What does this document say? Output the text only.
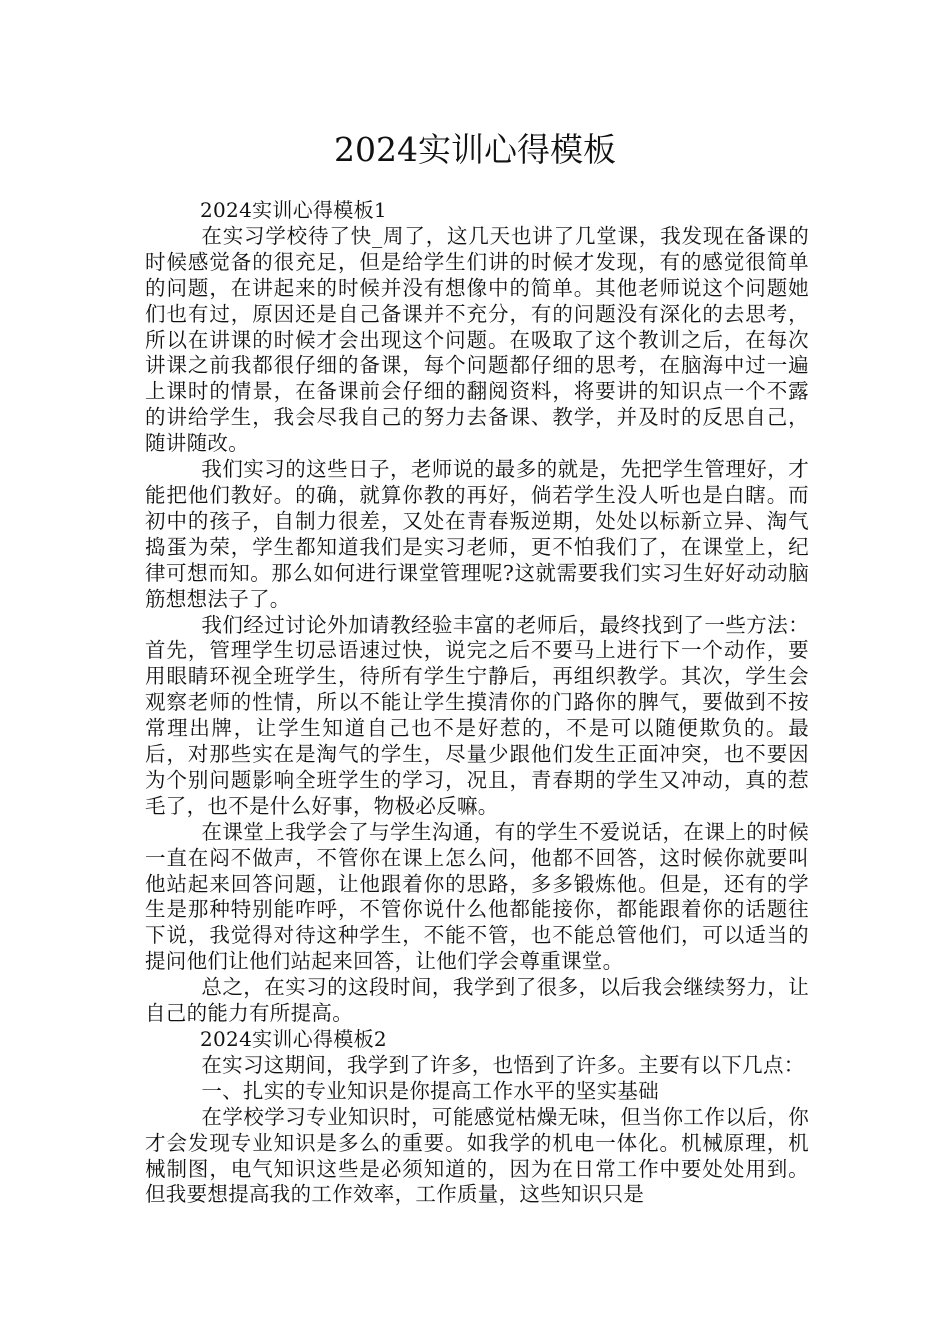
2024实训心得模板

2024实训心得模板1

在实习学校待了快_周了，这几天也讲了几堂课，我发现在备课的时候感觉备的很充足，但是给学生们讲的时候才发现，有的感觉很简单的问题，在讲起来的时候并没有想像中的简单。其他老师说这个问题她们也有过，原因还是自己备课并不充分，有的问题没有深化的去思考，所以在讲课的时候才会出现这个问题。在吸取了这个教训之后，在每次讲课之前我都很仔细的备课，每个问题都仔细的思考，在脑海中过一遍上课时的情景，在备课前会仔细的翻阅资料，将要讲的知识点一个不露的讲给学生，我会尽我自己的努力去备课、教学，并及时的反思自己，随讲随改。

我们实习的这些日子，老师说的最多的就是，先把学生管理好，才能把他们教好。的确，就算你教的再好，倘若学生没人听也是白瞎。而初中的孩子，自制力很差，又处在青春叛逆期，处处以标新立异、淘气捣蛋为荣，学生都知道我们是实习老师，更不怕我们了，在课堂上，纪律可想而知。那么如何进行课堂管理呢?这就需要我们实习生好好动动脑筋想想法子了。

我们经过讨论外加请教经验丰富的老师后，最终找到了一些方法：首先，管理学生切忌语速过快，说完之后不要马上进行下一个动作，要用眼睛环视全班学生，待所有学生宁静后，再组织教学。其次，学生会观察老师的性情，所以不能让学生摸清你的门路你的脾气，要做到不按常理出牌，让学生知道自己也不是好惹的，不是可以随便欺负的。最后，对那些实在是淘气的学生，尽量少跟他们发生正面冲突，也不要因为个别问题影响全班学生的学习，况且，青春期的学生又冲动，真的惹毛了，也不是什么好事，物极必反嘛。

在课堂上我学会了与学生沟通，有的学生不爱说话，在课上的时候一直在闷不做声，不管你在课上怎么问，他都不回答，这时候你就要叫他站起来回答问题，让他跟着你的思路，多多锻炼他。但是，还有的学生是那种特别能咋呼，不管你说什么他都能接你，都能跟着你的话题往下说，我觉得对待这种学生，不能不管，也不能总管他们，可以适当的提问他们让他们站起来回答，让他们学会尊重课堂。

总之，在实习的这段时间，我学到了很多，以后我会继续努力，让自己的能力有所提高。

2024实训心得模板2

在实习这期间，我学到了许多，也悟到了许多。主要有以下几点：

一、扎实的专业知识是你提高工作水平的坚实基础

在学校学习专业知识时，可能感觉枯燥无味，但当你工作以后，你才会发现专业知识是多么的重要。如我学的机电一体化。机械原理，机械制图，电气知识这些是必须知道的，因为在日常工作中要处处用到。但我要想提高我的工作效率，工作质量，这些知识只是
